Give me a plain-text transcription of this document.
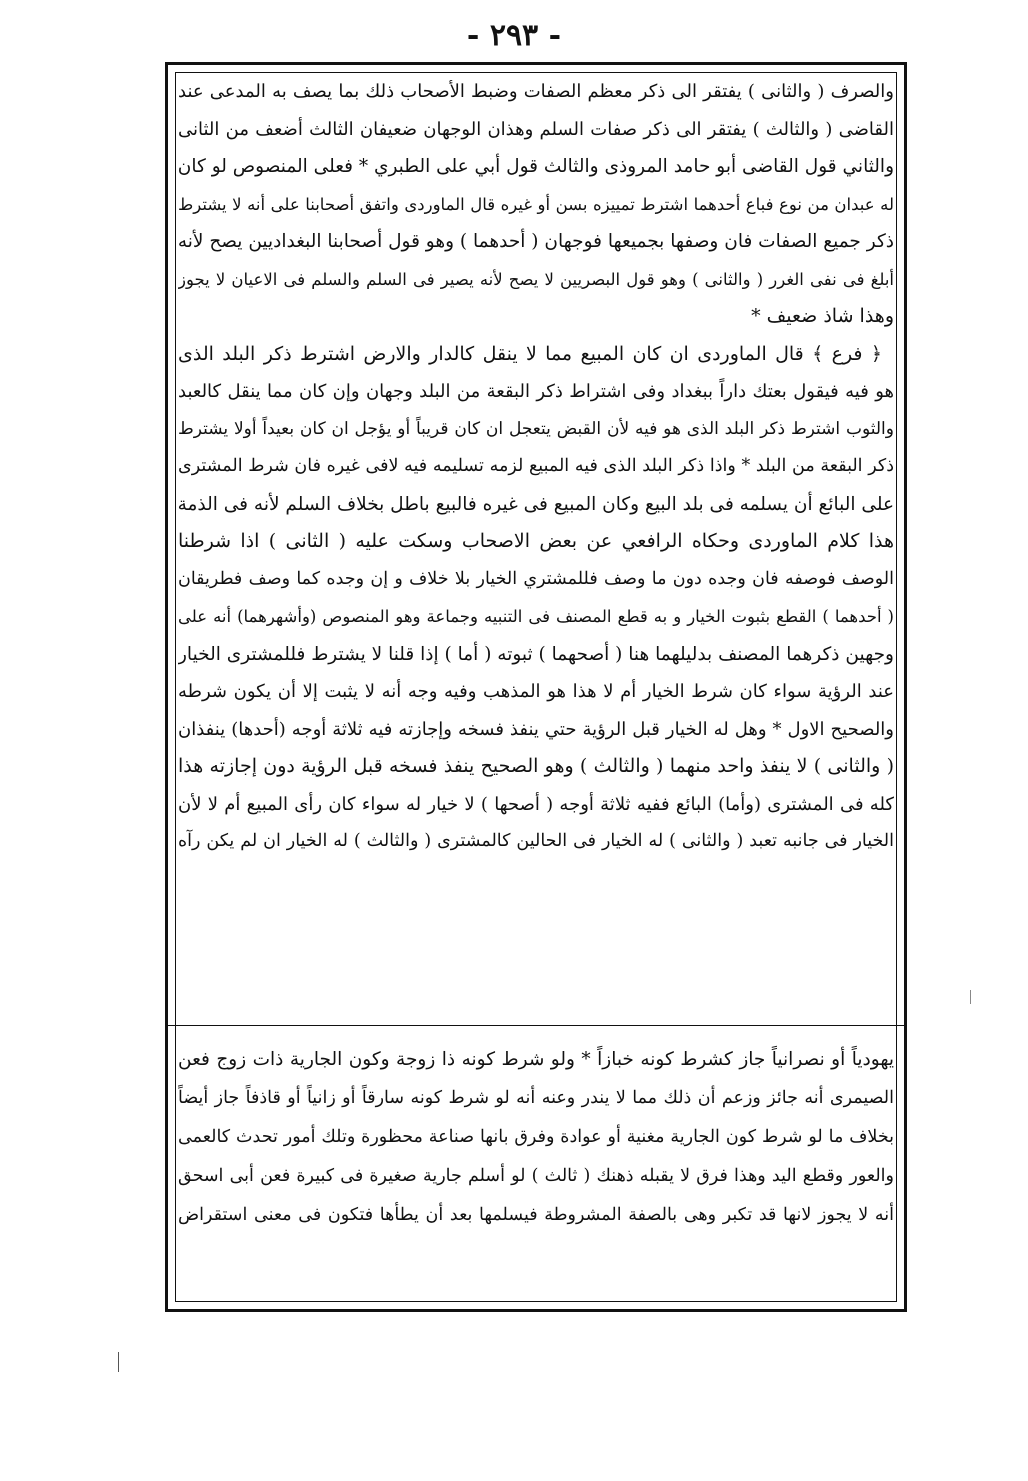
- ٢٩٣ -
والصرف ( والثانى ) يفتقر الى ذكر معظم الصفات وضبط الأصحاب ذلك بما يصف به المدعى عند
القاضى ( والثالث ) يفتقر الى ذكر صفات السلم وهذان الوجهان ضعيفان الثالث أضعف من الثانى
والثاني قول القاضى أبو حامد المروذى والثالث قول أبي على الطبري * فعلى المنصوص لو كان
له عبدان من نوع فباع أحدهما اشترط تمييزه بسن أو غيره قال الماوردى واتفق أصحابنا على أنه لا يشترط
ذكر جميع الصفات فان وصفها بجميعها فوجهان ( أحدهما ) وهو قول أصحابنا البغداديين يصح لأنه
أبلغ فى نفى الغرر ( والثانى ) وهو قول البصريين لا يصح لأنه يصير فى السلم والسلم فى الاعيان لا يجوز
وهذا شاذ ضعيف *
﴿ فرع ﴾ قال الماوردى ان كان المبيع مما لا ينقل كالدار والارض اشترط ذكر البلد الذى
هو فيه فيقول بعتك داراً ببغداد وفى اشتراط ذكر البقعة من البلد وجهان وإن كان مما ينقل كالعبد
والثوب اشترط ذكر البلد الذى هو فيه لأن القبض يتعجل ان كان قريباً أو يؤجل ان كان بعيداً أولا يشترط
ذكر البقعة من البلد * واذا ذكر البلد الذى فيه المبيع لزمه تسليمه فيه لافى غيره فان شرط المشترى
على البائع أن يسلمه فى بلد البيع وكان المبيع فى غيره فالبيع باطل بخلاف السلم لأنه فى الذمة
هذا كلام الماوردى وحكاه الرافعي عن بعض الاصحاب وسكت عليه ( الثانى ) اذا شرطنا
الوصف فوصفه فان وجده دون ما وصف فللمشتري الخيار بلا خلاف و إن وجده كما وصف فطريقان
( أحدهما ) القطع بثبوت الخيار و به قطع المصنف فى التنبيه وجماعة وهو المنصوص (وأشهرهما) أنه على
وجهين ذكرهما المصنف بدليلهما هنا ( أصحهما ) ثبوته ( أما ) إذا قلنا لا يشترط فللمشترى الخيار
عند الرؤية سواء كان شرط الخيار أم لا هذا هو المذهب وفيه وجه أنه لا يثبت إلا أن يكون شرطه
والصحيح الاول * وهل له الخيار قبل الرؤية حتي ينفذ فسخه وإجازته فيه ثلاثة أوجه (أحدها) ينفذان
( والثانى ) لا ينفذ واحد منهما ( والثالث ) وهو الصحيح ينفذ فسخه قبل الرؤية دون إجازته هذا
كله فى المشترى (وأما) البائع ففيه ثلاثة أوجه ( أصحها ) لا خيار له سواء كان رأى المبيع أم لا لأن
الخيار فى جانبه تعبد ( والثانى ) له الخيار فى الحالين كالمشترى ( والثالث ) له الخيار ان لم يكن رآه
يهودياً أو نصرانياً جاز كشرط كونه خبازاً * ولو شرط كونه ذا زوجة وكون الجارية ذات زوج فعن
الصيمرى أنه جائز وزعم أن ذلك مما لا يندر وعنه أنه لو شرط كونه سارقاً أو زانياً أو قاذفاً جاز أيضاً
بخلاف ما لو شرط كون الجارية مغنية أو عوادة وفرق بانها صناعة محظورة وتلك أمور تحدث كالعمى
والعور وقطع اليد وهذا فرق لا يقبله ذهنك ( ثالث ) لو أسلم جارية صغيرة فى كبيرة فعن أبى اسحق
أنه لا يجوز لانها قد تكبر وهى بالصفة المشروطة فيسلمها بعد أن يطأها فتكون فى معنى استقراض
